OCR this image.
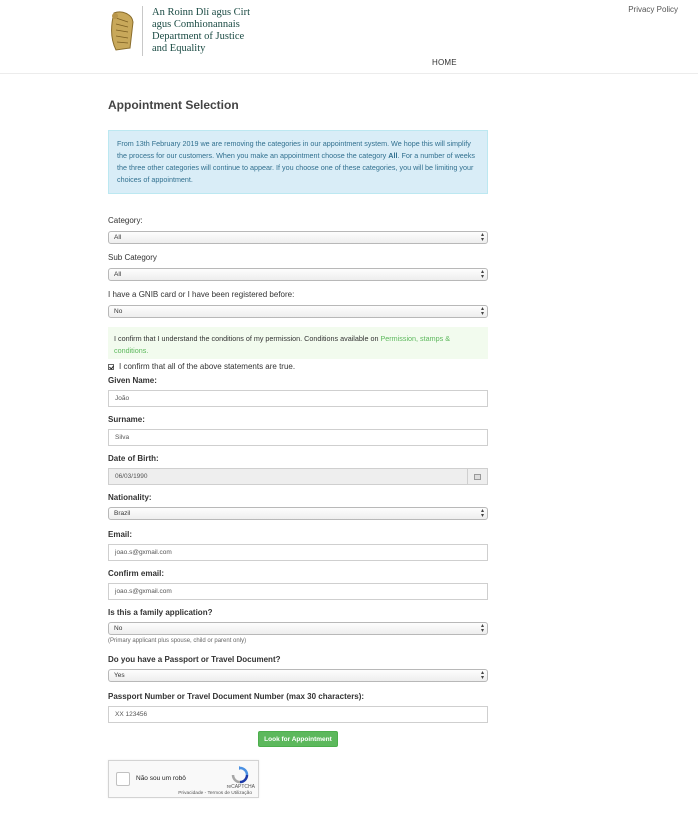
Privacy Policy
An Roinn Dlí agus Cirt
agus Comhionannais
Department of Justice
and Equality
HOME
Appointment Selection
From 13th February 2019 we are removing the categories in our appointment system. We hope this will simplify the process for our customers. When you make an appointment choose the category All. For a number of weeks the three other categories will continue to appear. If you choose one of these categories, you will be limiting your choices of appointment.
Category:
All	▴
▾
Sub Category
All	▴
▾
I have a GNIB card or I have been registered before:
No	▴
▾
I confirm that I understand the conditions of my permission. Conditions available on Permission, stamps & conditions.
I confirm that all of the above statements are true.
Given Name:
João
Surname:
Silva
Date of Birth:
06/03/1990
Nationality:
Brazil	▴
▾
Email:
joao.s@gxmail.com
Confirm email:
joao.s@gxmail.com
Is this a family application?
No	▴
▾
(Primary applicant plus spouse, child or parent only)
Do you have a Passport or Travel Document?
Yes	▴
▾
Passport Number or Travel Document Number (max 30 characters):
XX 123456
Look for Appointment
Não sou um robô
reCAPTCHA
Privacidade - Termos de Utilização
